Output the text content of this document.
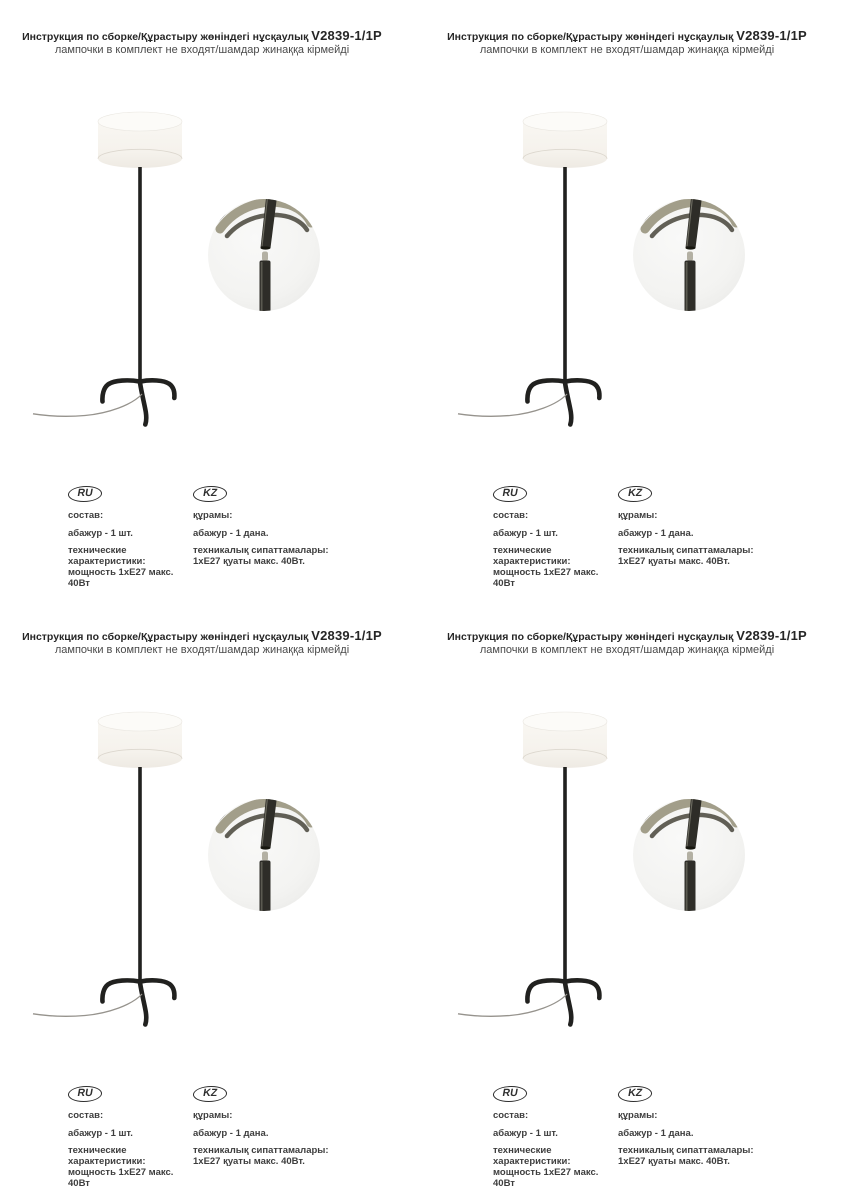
Инструкция по сборке/Құрастыру жөніндегі нұсқаулық V2839-1/1P
лампочки в комплект не входят/шамдар жинаққа кірмейді
RU
состав:
абажур - 1 шт.
технические характеристики:
мощность 1хЕ27 макс. 40Вт
KZ
құрамы:
абажур - 1 дана.
техникалық сипаттамалары:
1хЕ27 қуаты макс. 40Вт.
Инструкция по сборке/Құрастыру жөніндегі нұсқаулық V2839-1/1P
лампочки в комплект не входят/шамдар жинаққа кірмейді
RU
состав:
абажур - 1 шт.
технические характеристики:
мощность 1хЕ27 макс. 40Вт
KZ
құрамы:
абажур - 1 дана.
техникалық сипаттамалары:
1хЕ27 қуаты макс. 40Вт.
Инструкция по сборке/Құрастыру жөніндегі нұсқаулық V2839-1/1P
лампочки в комплект не входят/шамдар жинаққа кірмейді
RU
состав:
абажур - 1 шт.
технические характеристики:
мощность 1хЕ27 макс. 40Вт
KZ
құрамы:
абажур - 1 дана.
техникалық сипаттамалары:
1хЕ27 қуаты макс. 40Вт.
Инструкция по сборке/Құрастыру жөніндегі нұсқаулық V2839-1/1P
лампочки в комплект не входят/шамдар жинаққа кірмейді
RU
состав:
абажур - 1 шт.
технические характеристики:
мощность 1хЕ27 макс. 40Вт
KZ
құрамы:
абажур - 1 дана.
техникалық сипаттамалары:
1хЕ27 қуаты макс. 40Вт.
